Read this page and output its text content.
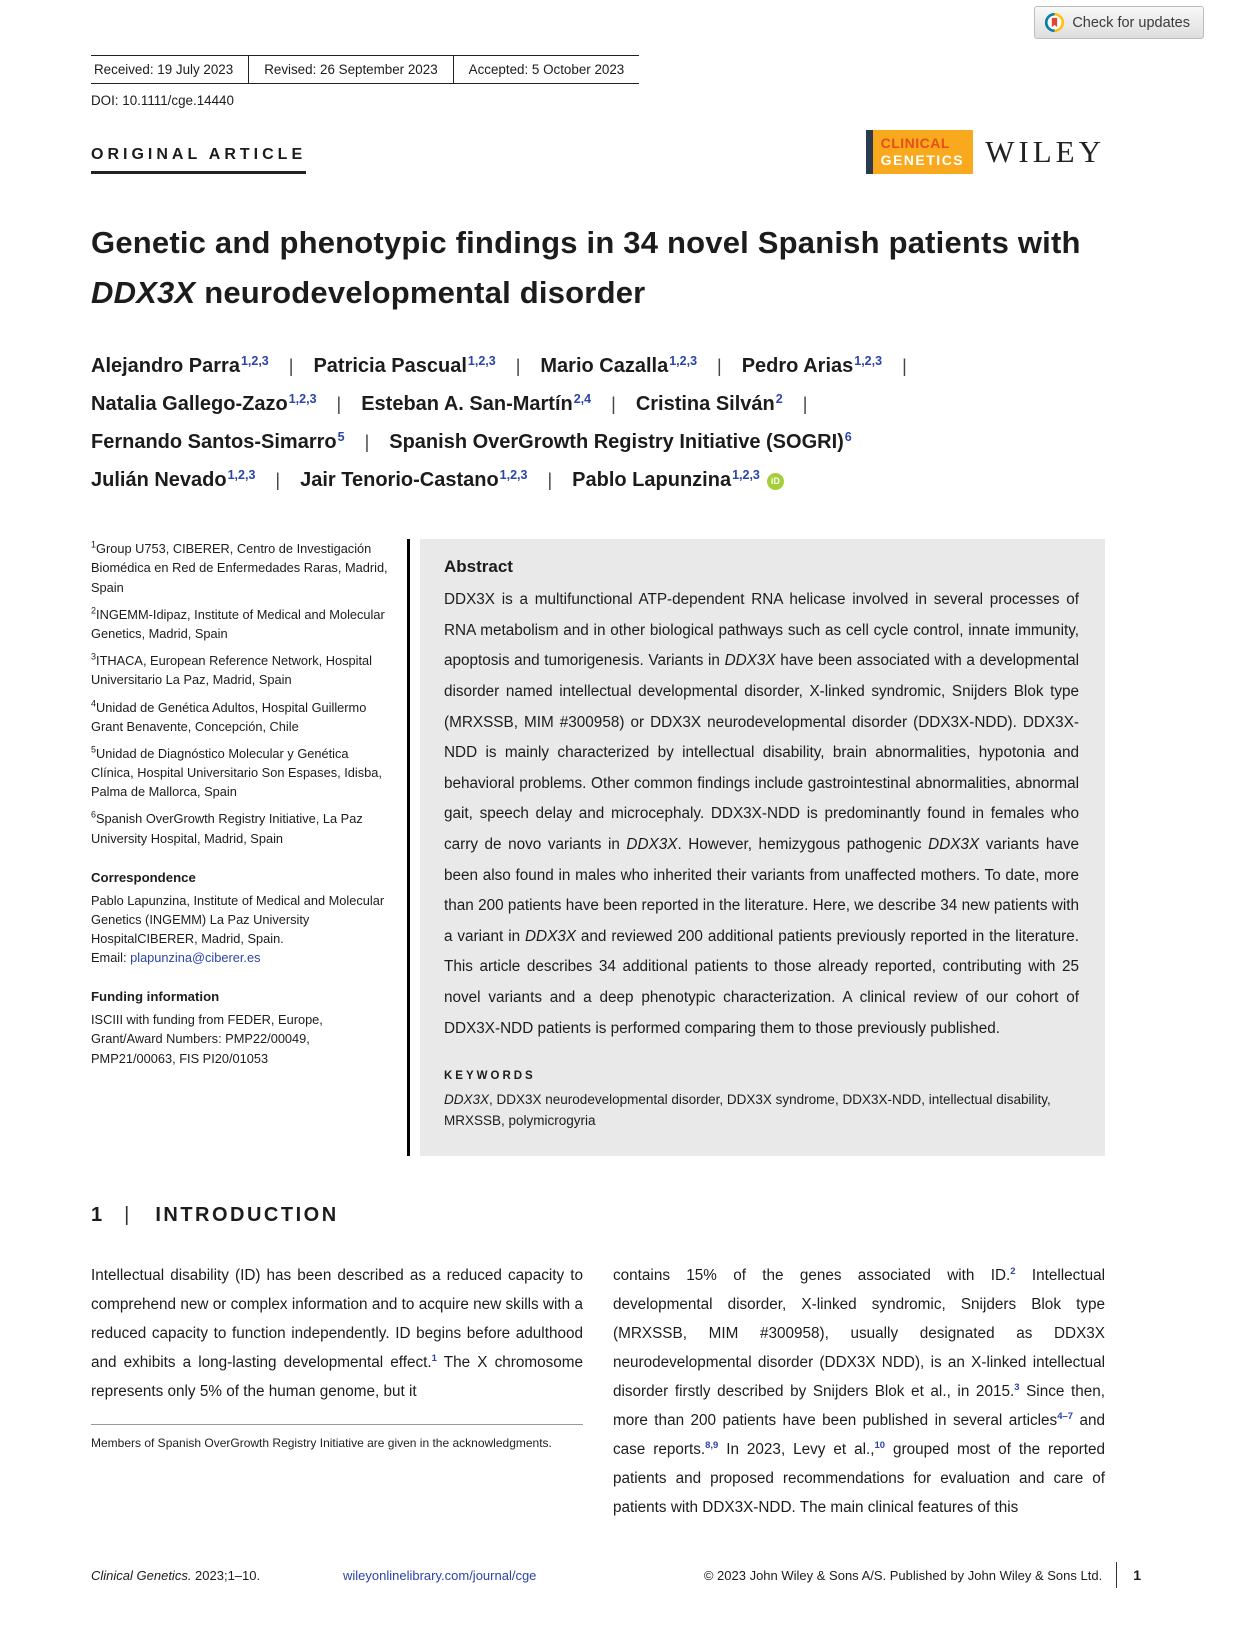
Check for updates
Received: 19 July 2023	Revised: 26 September 2023	Accepted: 5 October 2023
DOI: 10.1111/cge.14440
ORIGINAL ARTICLE
CLINICAL
GENETICS WILEY
Genetic and phenotypic findings in 34 novel Spanish patients with DDX3X neurodevelopmental disorder
Alejandro Parra$^{1,2,3}$ | Patricia Pascual$^{1,2,3}$ | Mario Cazalla$^{1,2,3}$ | Pedro Arias$^{1,2,3}$ |
Natalia Gallego-Zazo$^{1,2,3}$ | Esteban A. San-Martín$^{2,4}$ | Cristina Silván$^2$ |
Fernando Santos-Simarro$^5$ | Spanish OverGrowth Registry Initiative (SOGRI)$^6$
Julián Nevado$^{1,2,3}$ | Jair Tenorio-Castano$^{1,2,3}$ | Pablo Lapunzina$^{1,2,3}$ iD
$^1$Group U753, CIBERER, Centro de Investigación Biomédica en Red de Enfermedades Raras, Madrid, Spain
$^2$INGEMM-Idipaz, Institute of Medical and Molecular Genetics, Madrid, Spain
$^3$ITHACA, European Reference Network, Hospital Universitario La Paz, Madrid, Spain
$^4$Unidad de Genética Adultos, Hospital Guillermo Grant Benavente, Concepción, Chile
$^5$Unidad de Diagnóstico Molecular y Genética Clínica, Hospital Universitario Son Espases, Idisba, Palma de Mallorca, Spain
$^6$Spanish OverGrowth Registry Initiative, La Paz University Hospital, Madrid, Spain
Correspondence

Pablo Lapunzina, Institute of Medical and Molecular Genetics (INGEMM) La Paz University HospitalCIBERER, Madrid, Spain.

Email: plapunzina@ciberer.es

Funding information

ISCIII with funding from FEDER, Europe, Grant/Award Numbers: PMP22/00049, PMP21/00063, FIS PI20/01053

Abstract
DDX3X is a multifunctional ATP-dependent RNA helicase involved in several processes of RNA metabolism and in other biological pathways such as cell cycle control, innate immunity, apoptosis and tumorigenesis. Variants in DDX3X have been associated with a developmental disorder named intellectual developmental disorder, X-linked syndromic, Snijders Blok type (MRXSSB, MIM #300958) or DDX3X neurodevelopmental disorder (DDX3X-NDD). DDX3X-NDD is mainly characterized by intellectual disability, brain abnormalities, hypotonia and behavioral problems. Other common findings include gastrointestinal abnormalities, abnormal gait, speech delay and microcephaly. DDX3X-NDD is predominantly found in females who carry de novo variants in DDX3X. However, hemizygous pathogenic DDX3X variants have been also found in males who inherited their variants from unaffected mothers. To date, more than 200 patients have been reported in the literature. Here, we describe 34 new patients with a variant in DDX3X and reviewed 200 additional patients previously reported in the literature. This article describes 34 additional patients to those already reported, contributing with 25 novel variants and a deep phenotypic characterization. A clinical review of our cohort of DDX3X-NDD patients is performed comparing them to those previously published.
KEYWORDS
DDX3X, DDX3X neurodevelopmental disorder, DDX3X syndrome, DDX3X-NDD, intellectual disability, MRXSSB, polymicrogyria
1 | INTRODUCTION

Intellectual disability (ID) has been described as a reduced capacity to comprehend new or complex information and to acquire new skills with a reduced capacity to function independently. ID begins before adulthood and exhibits a long-lasting developmental effect.$^1$ The X chromosome represents only 5% of the human genome, but it

Members of Spanish OverGrowth Registry Initiative are given in the acknowledgments.

contains 15% of the genes associated with ID.$^2$ Intellectual developmental disorder, X-linked syndromic, Snijders Blok type (MRXSSB, MIM #300958), usually designated as DDX3X neurodevelopmental disorder (DDX3X NDD), is an X-linked intellectual disorder firstly described by Snijders Blok et al., in 2015.$^3$ Since then, more than 200 patients have been published in several articles$^{4-7}$ and case reports.$^{8,9}$ In 2023, Levy et al.,$^{10}$ grouped most of the reported patients and proposed recommendations for evaluation and care of patients with DDX3X-NDD. The main clinical features of this

Clinical Genetics. 2023;1–10.	wileyonlinelibrary.com/journal/cge	© 2023 John Wiley & Sons A/S. Published by John Wiley & Sons Ltd.	1
